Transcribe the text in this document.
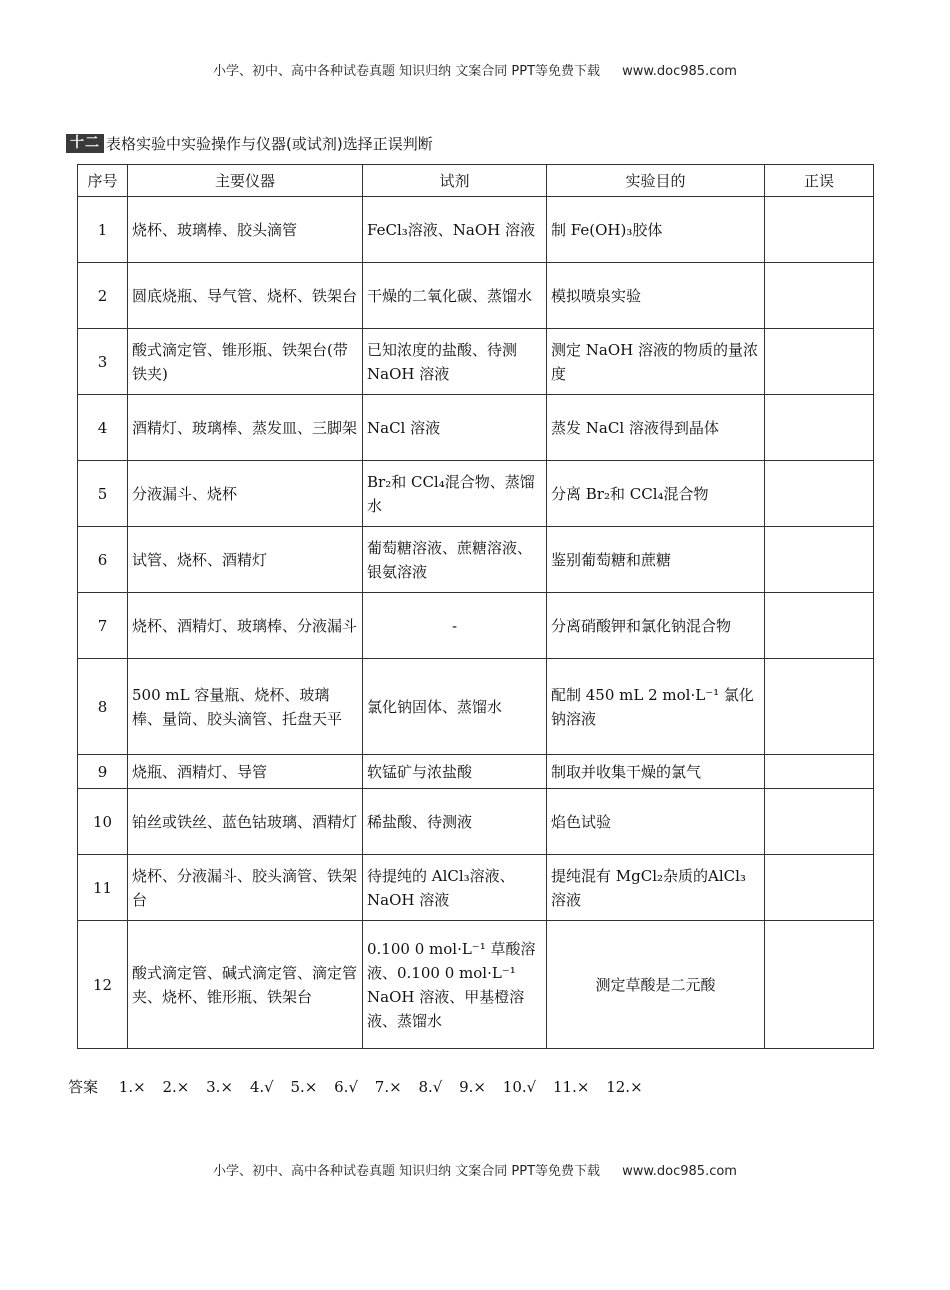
小学、初中、高中各种试卷真题 知识归纳 文案合同 PPT等免费下载 www.doc985.com
十二 表格实验中实验操作与仪器(或试剂)选择正误判断
序号	主要仪器	试剂	实验目的	正误
1	烧杯、玻璃棒、胶头滴管	FeCl₃溶液、NaOH 溶液	制 Fe(OH)₃胶体	
2	圆底烧瓶、导气管、烧杯、铁架台	干燥的二氧化碳、蒸馏水	模拟喷泉实验	
3	酸式滴定管、锥形瓶、铁架台(带铁夹)	已知浓度的盐酸、待测NaOH 溶液	测定 NaOH 溶液的物质的量浓度	
4	酒精灯、玻璃棒、蒸发皿、三脚架	NaCl 溶液	蒸发 NaCl 溶液得到晶体	
5	分液漏斗、烧杯	Br₂和 CCl₄混合物、蒸馏水	分离 Br₂和 CCl₄混合物	
6	试管、烧杯、酒精灯	葡萄糖溶液、蔗糖溶液、银氨溶液	鉴别葡萄糖和蔗糖	
7	烧杯、酒精灯、玻璃棒、分液漏斗	-	分离硝酸钾和氯化钠混合物	
8	500 mL 容量瓶、烧杯、玻璃棒、量筒、胶头滴管、托盘天平	氯化钠固体、蒸馏水	配制 450 mL 2 mol·L⁻¹ 氯化钠溶液	
9	烧瓶、酒精灯、导管	软锰矿与浓盐酸	制取并收集干燥的氯气	
10	铂丝或铁丝、蓝色钴玻璃、酒精灯	稀盐酸、待测液	焰色试验	
11	烧杯、分液漏斗、胶头滴管、铁架台	待提纯的 AlCl₃溶液、NaOH 溶液	提纯混有 MgCl₂杂质的AlCl₃溶液	
12	酸式滴定管、碱式滴定管、滴定管夹、烧杯、锥形瓶、铁架台	0.100 0 mol·L⁻¹ 草酸溶液、0.100 0 mol·L⁻¹ NaOH 溶液、甲基橙溶液、蒸馏水	测定草酸是二元酸	
答案 1.× 2.× 3.× 4.√ 5.× 6.√ 7.× 8.√ 9.× 10.√ 11.× 12.×
小学、初中、高中各种试卷真题 知识归纳 文案合同 PPT等免费下载 www.doc985.com
